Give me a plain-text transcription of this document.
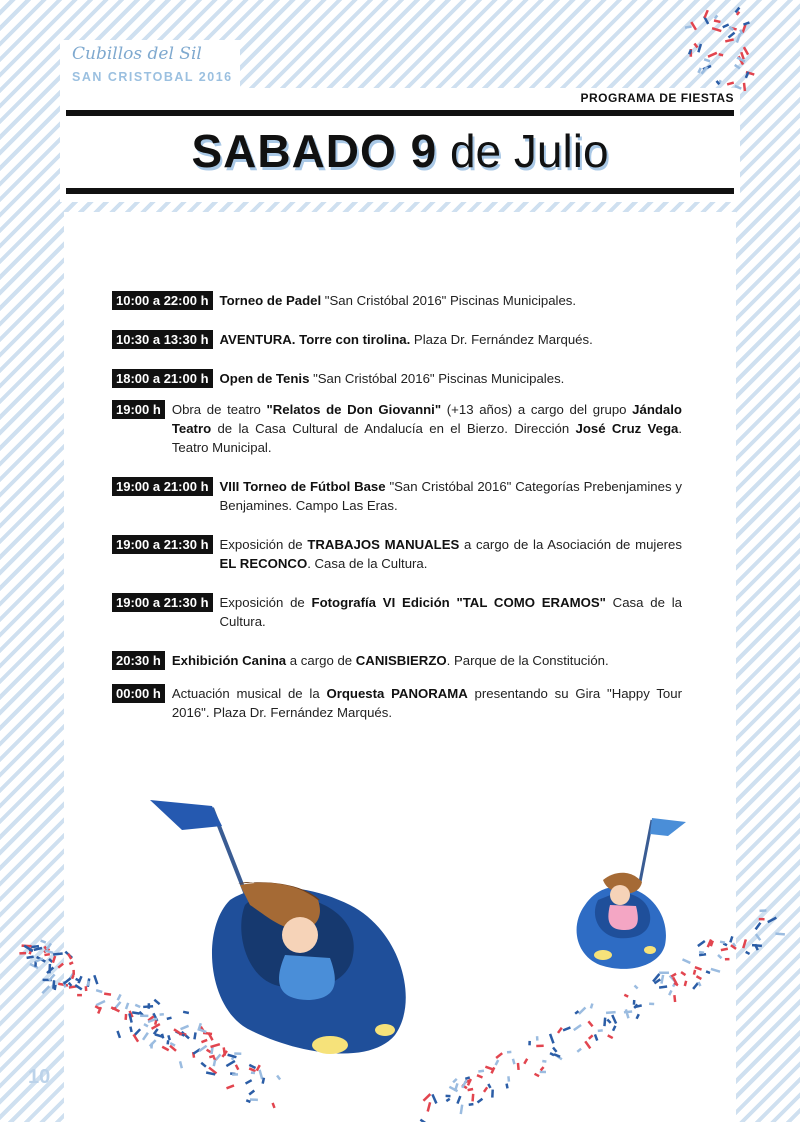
Cubillos del Sil
SAN CRISTOBAL 2016
PROGRAMA DE FIESTAS
SABADO 9 de Julio
10:00 a 22:00 h Torneo de Padel "San Cristóbal 2016" Piscinas Municipales.
10:30 a 13:30 h AVENTURA. Torre con tirolina. Plaza Dr. Fernández Marqués.
18:00 a 21:00 h Open de Tenis "San Cristóbal 2016" Piscinas Municipales.
19:00 h Obra de teatro "Relatos de Don Giovanni" (+13 años) a cargo del grupo Jándalo Teatro de la Casa Cultural de Andalucía en el Bierzo. Dirección José Cruz Vega. Teatro Municipal.
19:00 a 21:00 h VIII Torneo de Fútbol Base "San Cristóbal 2016" Categorías Prebenjamines y Benjamines. Campo Las Eras.
19:00 a 21:30 h Exposición de TRABAJOS MANUALES a cargo de la Asociación de mujeres EL RECONCO. Casa de la Cultura.
19:00 a 21:30 h Exposición de Fotografía VI Edición "TAL COMO ERAMOS" Casa de la Cultura.
20:30 h Exhibición Canina a cargo de CANISBIERZO. Parque de la Constitución.
00:00 h Actuación musical de la Orquesta PANORAMA presentando su Gira "Happy Tour 2016". Plaza Dr. Fernández Marqués.
10
